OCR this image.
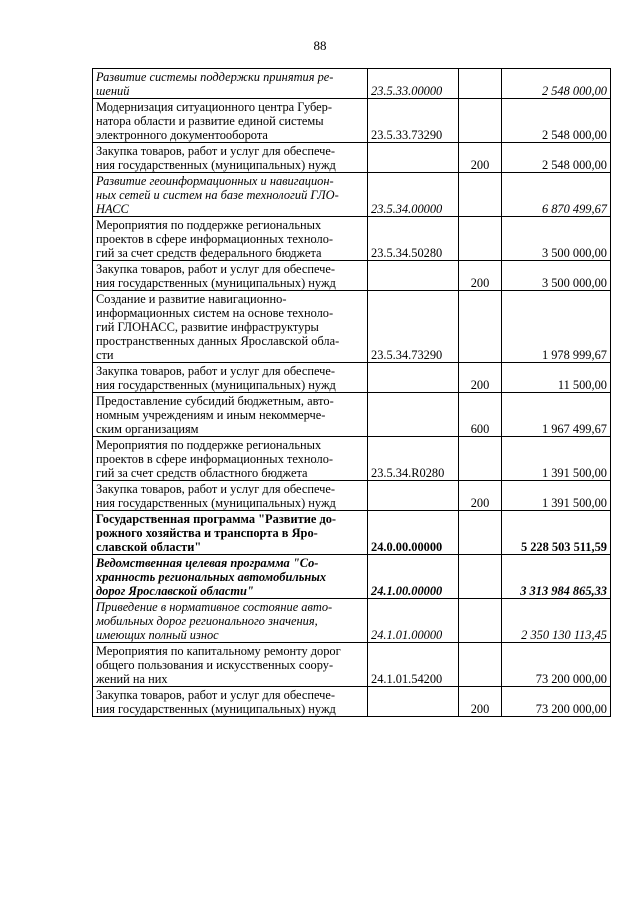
88
Развитие системы поддержки принятия ре-
шений	23.5.33.00000		2 548 000,00

Модернизация ситуационного центра Губер-
натора области и развитие единой системы
электронного документооборота	23.5.33.73290		2 548 000,00

Закупка товаров, работ и услуг для обеспече-
ния государственных (муниципальных) нужд		200	2 548 000,00

Развитие геоинформационных и навигацион-
ных сетей и систем на базе технологий ГЛО-
НАСС	23.5.34.00000		6 870 499,67

Мероприятия по поддержке региональных
проектов в сфере информационных техноло-
гий за счет средств федерального бюджета	23.5.34.50280		3 500 000,00

Закупка товаров, работ и услуг для обеспече-
ния государственных (муниципальных) нужд		200	3 500 000,00

Создание и развитие навигационно-
информационных систем на основе техноло-
гий ГЛОНАСС, развитие инфраструктуры
пространственных данных Ярославской обла-
сти	23.5.34.73290		1 978 999,67

Закупка товаров, работ и услуг для обеспече-
ния государственных (муниципальных) нужд		200	11 500,00

Предоставление субсидий бюджетным, авто-
номным учреждениям и иным некоммерче-
ским организациям		600	1 967 499,67

Мероприятия по поддержке региональных
проектов в сфере информационных техноло-
гий за счет средств областного бюджета	23.5.34.R0280		1 391 500,00

Закупка товаров, работ и услуг для обеспече-
ния государственных (муниципальных) нужд		200	1 391 500,00

Государственная программа "Развитие до-
рожного хозяйства и транспорта в Яро-
славской области"	24.0.00.00000		5 228 503 511,59

Ведомственная целевая программа "Со-
хранность региональных автомобильных
дорог Ярославской области"	24.1.00.00000		3 313 984 865,33

Приведение в нормативное состояние авто-
мобильных дорог регионального значения,
имеющих полный износ	24.1.01.00000		2 350 130 113,45

Мероприятия по капитальному ремонту дорог
общего пользования и искусственных соору-
жений на них	24.1.01.54200		73 200 000,00

Закупка товаров, работ и услуг для обеспече-
ния государственных (муниципальных) нужд		200	73 200 000,00
